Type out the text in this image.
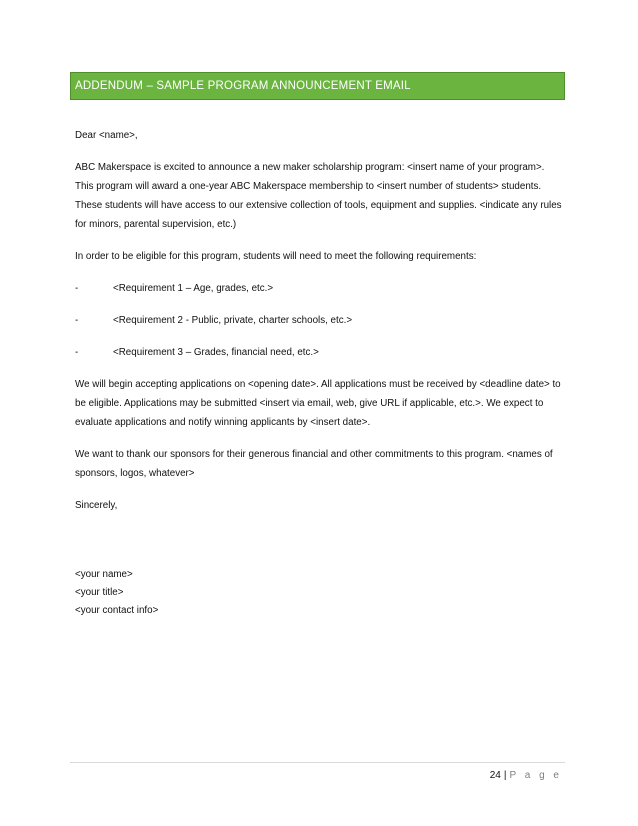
ADDENDUM – SAMPLE PROGRAM ANNOUNCEMENT EMAIL

Dear <name>,

ABC Makerspace is excited to announce a new maker scholarship program: <insert name of your program>. This program will award a one-year ABC Makerspace membership to <insert number of students> students. These students will have access to our extensive collection of tools, equipment and supplies. <indicate any rules for minors, parental supervision, etc.)

In order to be eligible for this program, students will need to meet the following requirements:

-	<Requirement 1 – Age, grades, etc.>
-	<Requirement 2 - Public, private, charter schools, etc.>
-	<Requirement 3 – Grades, financial need, etc.>

We will begin accepting applications on <opening date>. All applications must be received by <deadline date> to be eligible. Applications may be submitted <insert via email, web, give URL if applicable, etc.>. We expect to evaluate applications and notify winning applicants by <insert date>.

We want to thank our sponsors for their generous financial and other commitments to this program. <names of sponsors, logos, whatever>

Sincerely,

<your name>
<your title>
<your contact info>
24 | P a g e
